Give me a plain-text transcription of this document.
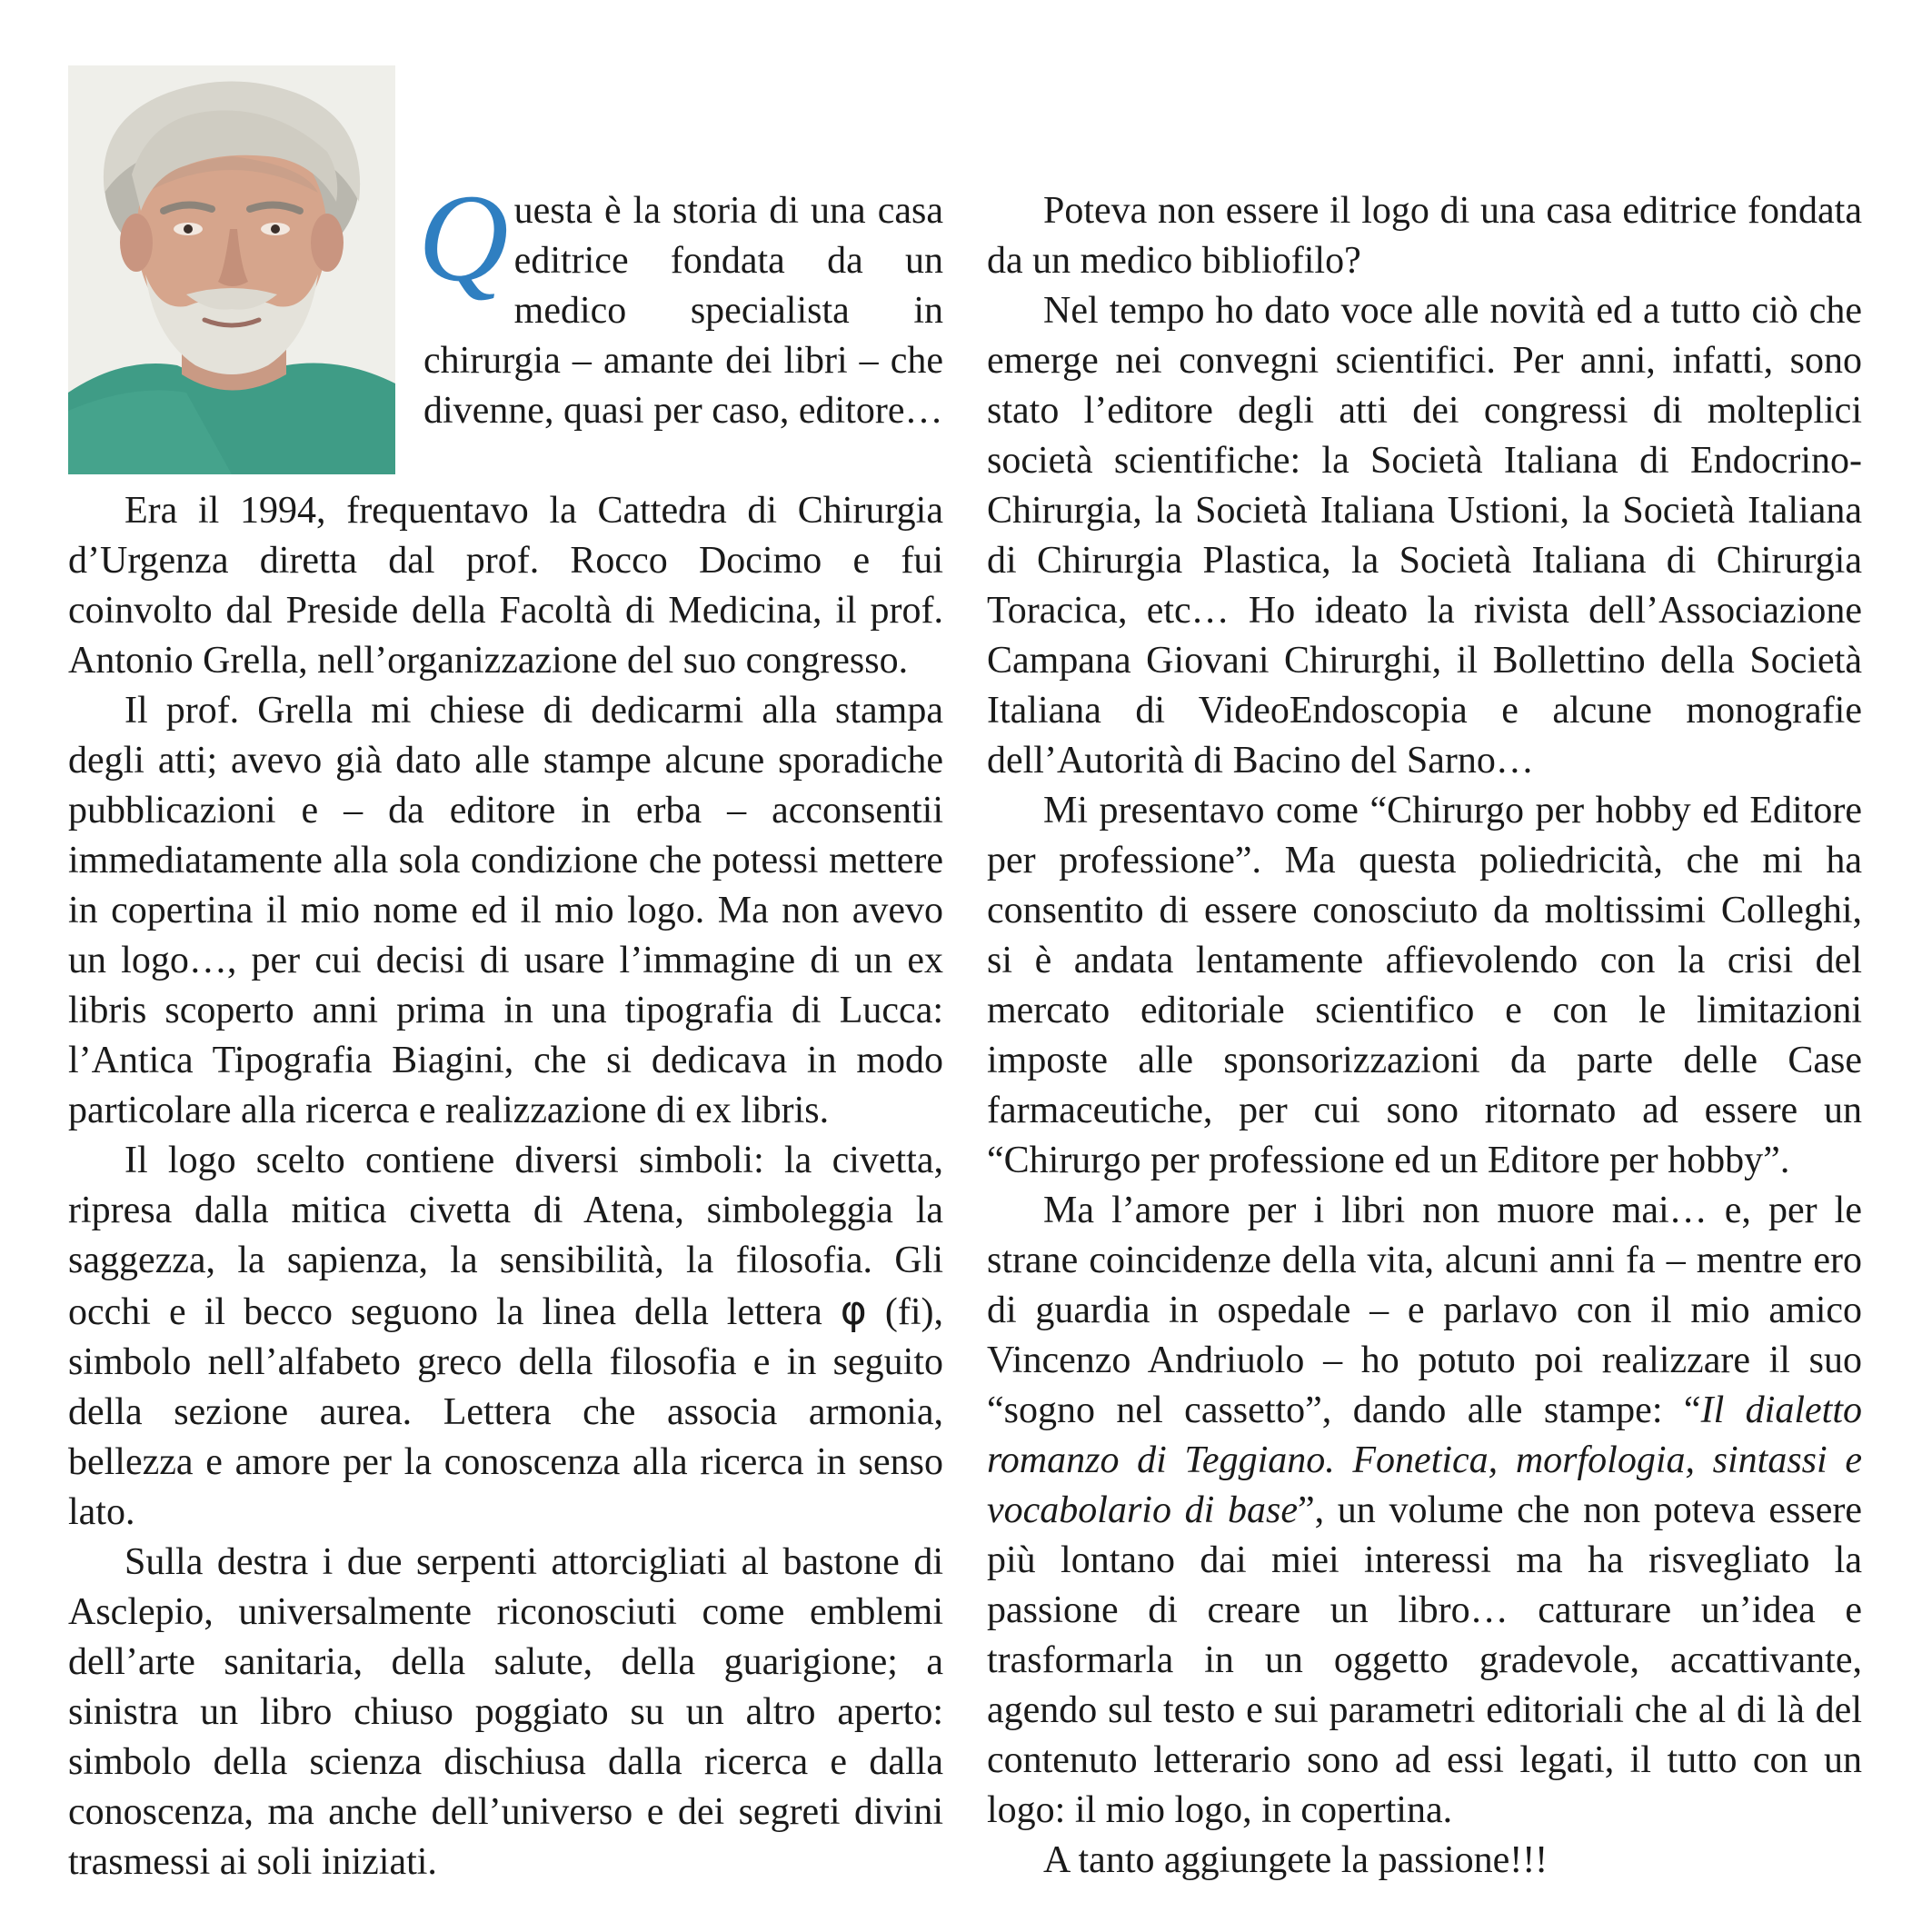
Questa è la storia di una casa editrice fondata da un medico specialista in chirurgia – amante dei libri – che divenne, quasi per caso, editore…

Era il 1994, frequentavo la Cattedra di Chirurgia d’Urgenza diretta dal prof. Rocco Docimo e fui coinvolto dal Preside della Facoltà di Medicina, il prof. Antonio Grella, nell’organizzazione del suo congresso.

Il prof. Grella mi chiese di dedicarmi alla stampa degli atti; avevo già dato alle stampe alcune sporadiche pubblicazioni e – da editore in erba – acconsentii immediatamente alla sola condizione che potessi mettere in copertina il mio nome ed il mio logo. Ma non avevo un logo…, per cui decisi di usare l’immagine di un ex libris scoperto anni prima in una tipografia di Lucca: l’Antica Tipografia Biagini, che si dedicava in modo particolare alla ricerca e realizzazione di ex libris.

Il logo scelto contiene diversi simboli: la civetta, ripresa dalla mitica civetta di Atena, simboleggia la saggezza, la sapienza, la sensibilità, la filosofia. Gli occhi e il becco seguono la linea della lettera φ (fi), simbolo nell’alfabeto greco della filosofia e in seguito della sezione aurea. Lettera che associa armonia, bellezza e amore per la conoscenza alla ricerca in senso lato.

Sulla destra i due serpenti attorcigliati al bastone di Asclepio, universalmente riconosciuti come emblemi dell’arte sanitaria, della salute, della guarigione; a sinistra un libro chiuso poggiato su un altro aperto: simbolo della scienza dischiusa dalla ricerca e dalla conoscenza, ma anche dell’universo e dei segreti divini trasmessi ai soli iniziati.

Poteva non essere il logo di una casa editrice fondata da un medico bibliofilo?

Nel tempo ho dato voce alle novità ed a tutto ciò che emerge nei convegni scientifici. Per anni, infatti, sono stato l’editore degli atti dei congressi di molteplici società scientifiche: la Società Italiana di Endocrino-Chirurgia, la Società Italiana Ustioni, la Società Italiana di Chirurgia Plastica, la Società Italiana di Chirurgia Toracica, etc… Ho ideato la rivista dell’Associazione Campana Giovani Chirurghi, il Bollettino della Società Italiana di VideoEndoscopia e alcune monografie dell’Autorità di Bacino del Sarno…

Mi presentavo come “Chirurgo per hobby ed Editore per professione”. Ma questa poliedricità, che mi ha consentito di essere conosciuto da moltissimi Colleghi, si è andata lentamente affievolendo con la crisi del mercato editoriale scientifico e con le limitazioni imposte alle sponsorizzazioni da parte delle Case farmaceutiche, per cui sono ritornato ad essere un “Chirurgo per professione ed un Editore per hobby”.

Ma l’amore per i libri non muore mai… e, per le strane coincidenze della vita, alcuni anni fa – mentre ero di guardia in ospedale – e parlavo con il mio amico Vincenzo Andriuolo – ho potuto poi realizzare il suo “sogno nel cassetto”, dando alle stampe: “Il dialetto romanzo di Teggiano. Fonetica, morfologia, sintassi e vocabolario di base”, un volume che non poteva essere più lontano dai miei interessi ma ha risvegliato la passione di creare un libro… catturare un’idea e trasformarla in un oggetto gradevole, accattivante, agendo sul testo e sui parametri editoriali che al di là del contenuto letterario sono ad essi legati, il tutto con un logo: il mio logo, in copertina.

A tanto aggiungete la passione!!!
